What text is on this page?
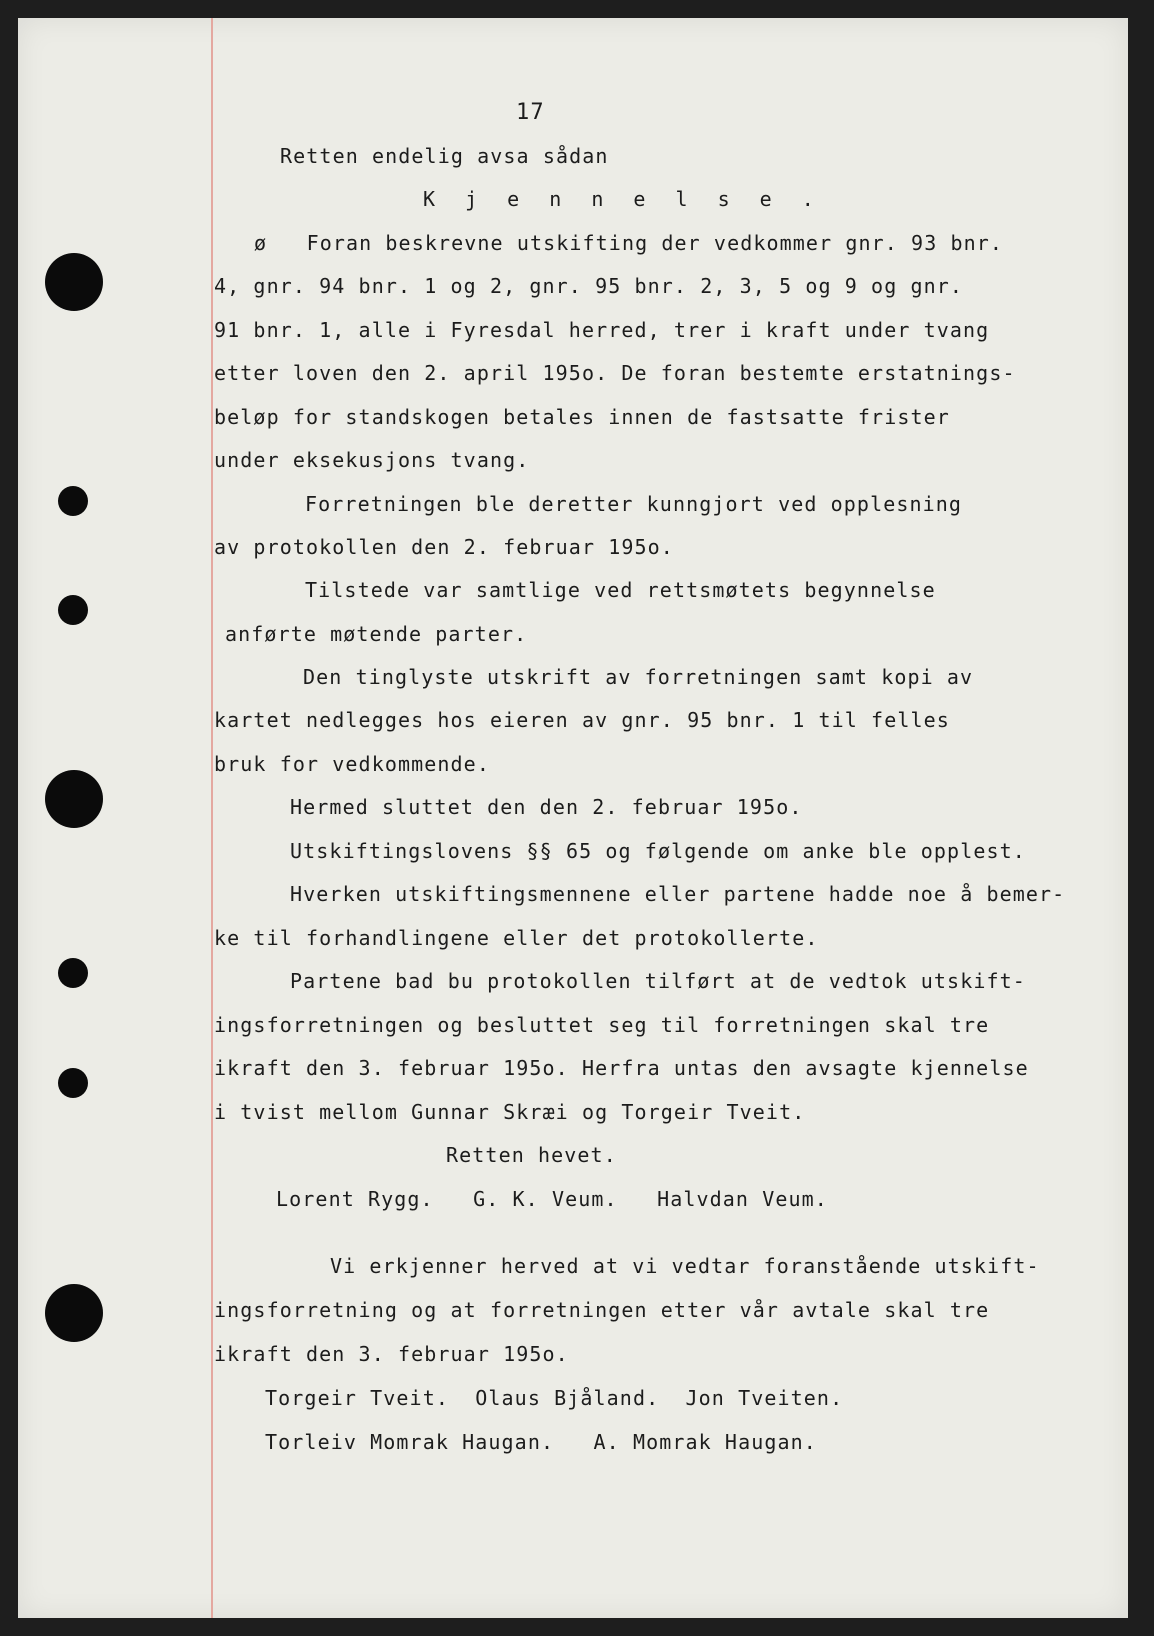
17

Retten endelig avsa sådan

K j e n n e l s e .

ø   Foran beskrevne utskifting der vedkommer gnr. 93 bnr.

4, gnr. 94 bnr. 1 og 2, gnr. 95 bnr. 2, 3, 5 og 9 og gnr.

91 bnr. 1, alle i Fyresdal herred, trer i kraft under tvang

etter loven den 2. april 195o. De foran bestemte erstatnings-

beløp for standskogen betales innen de fastsatte frister

under eksekusjons tvang.

Forretningen ble deretter kunngjort ved opplesning

av protokollen den 2. februar 195o.

Tilstede var samtlige ved rettsmøtets begynnelse

anførte møtende parter.

Den tinglyste utskrift av forretningen samt kopi av

kartet nedlegges hos eieren av gnr. 95 bnr. 1 til felles

bruk for vedkommende.

Hermed sluttet den den 2. februar 195o.

Utskiftingslovens §§ 65 og følgende om anke ble opplest.

Hverken utskiftingsmennene eller partene hadde noe å bemer-

ke til forhandlingene eller det protokollerte.

Partene bad bu protokollen tilført at de vedtok utskift-

ingsforretningen og besluttet seg til forretningen skal tre

ikraft den 3. februar 195o. Herfra untas den avsagte kjennelse

i tvist mellom Gunnar Skræi og Torgeir Tveit.

Retten hevet.

Lorent Rygg.   G. K. Veum.   Halvdan Veum.

Vi erkjenner herved at vi vedtar foranstående utskift-

ingsforretning og at forretningen etter vår avtale skal tre

ikraft den 3. februar 195o.

Torgeir Tveit.  Olaus Bjåland.  Jon Tveiten.

Torleiv Momrak Haugan.   A. Momrak Haugan.
